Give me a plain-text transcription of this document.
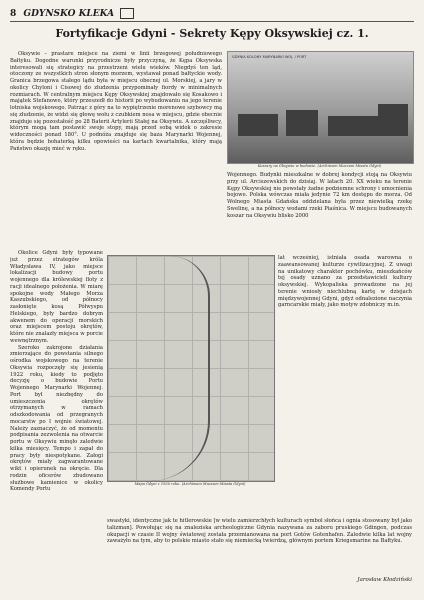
8 GDYNSKO KLEKA
Fortyfikacje Gdyni - Sekrety Kępy Oksywskiej cz. 1.

Oksywie – prastare miejsce na ziemi w linii brzegowej południowego Bałtyku. Dogodne warunki przyrodnicze były przyczyną, że Kępa Oksywska interesowali się strategicy na przestrzeni wielu wieków. Niegdyś ten ląd, otoczony ze wszystkich stron słonym morzem, wystawał ponad bałtyckie wody. Granica brzegowa stałego lądu była w miejscu obecnej ul. Morskiej, a jary w okolicy Chyloni i Cisowej do złudzenia przypominały fiordy w minimalnych rozmiarach. W centralnym miejscu Kępy Oksywskiej znajdowało się Kosakowo i majątek Stefanowo, który przeszedł do historii po wybudowaniu na jego terenie lotniska wojskowego. Patrząc z góry na to wypiętrzenie morenowe szybowcy mą się złudzenie, że widzi się głowę wołu z czubkiem nosa w miejscu, gdzie obecnie znajduje się pozostałość po 28 Baterii Artylerii Stałej na Oksywiu. A szczęśliwcy, którym mogą tam postawić swoje stopy, mają przed sobą widok o zakresie widoczności ponad 180°. U podnóża znajduje się baza Marynarki Wojennej, która będzie bohaterką kilku opowieści na kartach kwartalnika, który mają Państwo okazję mieć w ręku.

Okolice Gdyni były typowane już przez strategów króla Władysława IV, jako miejsce lokalizacji budowy portu wojennego dla królewskiej floty z racji idealnego położenia. W miarę spokojne wody Małego Morza Kaszubskiego, od północy zasłonięte kosą Półwyspu Helskiego, były bardzo dobrym akwenem do operacji morskich oraz miejscem postoju okrętów, które nie znalazły miejsca w porcie wewnętrznym.

Szeroko zakrojone działania zmierzające do powstania silnego ośrodka wojskowego na terenie Oksywia rozpoczęły się jesienią 1922 roku, kiedy to podjęto decyzję o budowie Portu Wojennego Marynarki Wojennej. Port był niezbędny do umieszczenia okrętów otrzymanych w ramach odszkodowania od przegranych mocarstw po I wojnie światowej. Należy zaznaczyć, że od momentu podpisania zezwolenia na otwarcie portu w Oksywiu minęło zaledwie kilka miesięcy. Tempo i zapał do pracy były niespotykane. Załogi okrętów miały zagwarantowane wikt i opierunek na okręcie. Dla rodzin oficerów zbudowano służbowe kamienice w okolicy Komendy Portu

GDYNIA KOLONY MARYNARKI WOJ. / PORT
Koszary na Oksywiu w budowie. (Archiwum Muzeum Miasta Gdyni)

Wojennego. Budynki mieszkalne w dobrej kondycji stoją na Oksywiu przy ul. Arciszewskich do dzisiaj. W latach 20. XX wieku na terenie Kępy Oksywskiej nie powstały żadne podziemne schrony i umocnienia bojowe. Polska wówczas miała jedynie 72 km dostępu do morza. Od Wolnego Miasta Gdańska oddzielana była przez niewielką rzekę Swelinę, a na północy wodami rzeki Piaśnica. W miejscu budowanych koszar na Oksywiu blisko 2000

lat wcześniej, istniała osada warowna o zaawansowanej kulturze cywilizacyjnej. Z uwagi na unikatowy charakter pochówku, mieszkańców tej osady uznano za przedstawicieli kultury oksywskiej. Wykopaliska prowadzone na jej terenie wniosły niechlubną kartę w dziejach międzywojennej Gdyni, gdyż odnalezione naczynia garncarskie miały, jako motyw zdobniczy m.in.

Mapa Gdyni z 1930 roku. (Archiwum Muzeum Miasta Gdyni)

swastyki, identyczne jak te hitlerowskie [w wielu zamierzchłych kulturach symbol słońca i ognia stosowany był jako talizman]. Powołując się na znaleziska archeologiczne Gdynia nazywana za zaboru pruskiego Gdingen, podczas okupacji w czasie II wojny światowej została przemianowana na port Gotów Gotenhafen. Zaledwie kilka lat wojny zaważyło na tym, aby to polskie miasto stało się niemiecką twierdzą, głównym portem Kriegsmarine na Bałtyku.

Jarosław Kłodziński
